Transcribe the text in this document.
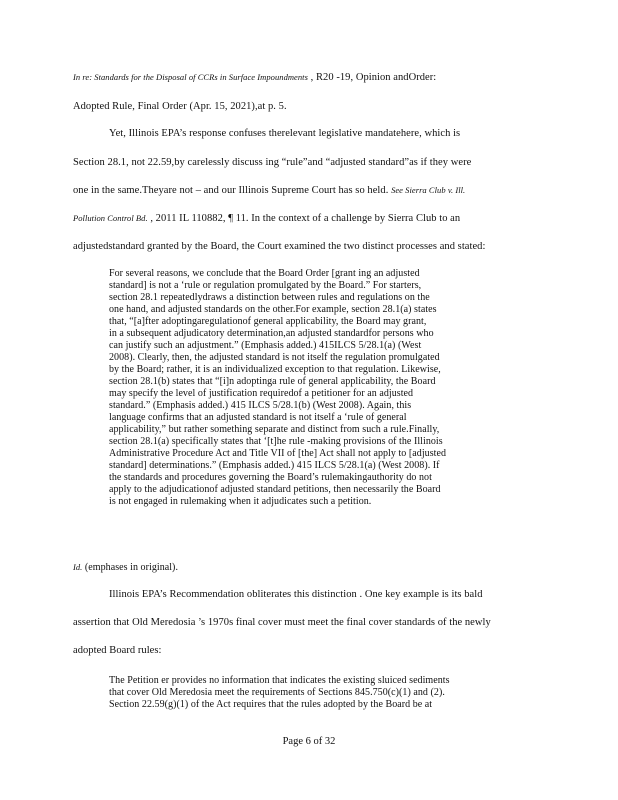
In re: Standards for the Disposal of CCRs in Surface Impoundments , R20 -19, Opinion andOrder:
Adopted Rule, Final Order (Apr. 15, 2021),at p. 5.
Yet, Illinois EPA’s response confuses therelevant legislative mandatehere, which is
Section 28.1, not 22.59,by carelessly discuss ing “rule”and “adjusted standard”as if they were
one in the same.Theyare not – and our Illinois Supreme Court has so held. See Sierra Club v. Ill.
Pollution Control Bd. , 2011 IL 110882, ¶ 11. In the context of a challenge by Sierra Club to an
adjustedstandard granted by the Board, the Court examined the two distinct processes and stated:
For several reasons, we conclude that the Board Order [grant ing an adjusted
standard] is not a ‘rule or regulation promulgated by the Board.” For starters,
section 28.1 repeatedlydraws a distinction between rules and regulations on the
one hand, and adjusted standards on the other.For example, section 28.1(a) states
that, “[a]fter adoptingaregulationof general applicability, the Board may grant,
in a subsequent adjudicatory determination,an adjusted standardfor persons who
can justify such an adjustment.” (Emphasis added.) 415ILCS 5/28.1(a) (West
2008). Clearly, then, the adjusted standard is not itself the regulation promulgated
by the Board; rather, it is an individualized exception to that regulation. Likewise,
section 28.1(b) states that “[i]n adoptinga rule of general applicability, the Board
may specify the level of justification requiredof a petitioner for an adjusted
standard.” (Emphasis added.) 415 ILCS 5/28.1(b) (West 2008). Again, this
language confirms that an adjusted standard is not itself a ‘rule of general
applicability,” but rather something separate and distinct from such a rule.Finally,
section 28.1(a) specifically states that ‘[t]he rule -making provisions of the Illinois
Administrative Procedure Act and Title VII of [the] Act shall not apply to [adjusted
standard] determinations.” (Emphasis added.) 415 ILCS 5/28.1(a) (West 2008). If
the standards and procedures governing the Board’s rulemakingauthority do not
apply to the adjudicationof adjusted standard petitions, then necessarily the Board
is not engaged in rulemaking when it adjudicates such a petition.
Id. (emphases in original).
Illinois EPA’s Recommendation obliterates this distinction . One key example is its bald
assertion that Old Meredosia ’s 1970s final cover must meet the final cover standards of the newly
adopted Board rules:
The Petition er provides no information that indicates the existing sluiced sediments
that cover Old Meredosia meet the requirements of Sections 845.750(c)(1) and (2).
Section 22.59(g)(1) of the Act requires that the rules adopted by the Board be at
Page 6 of 32
